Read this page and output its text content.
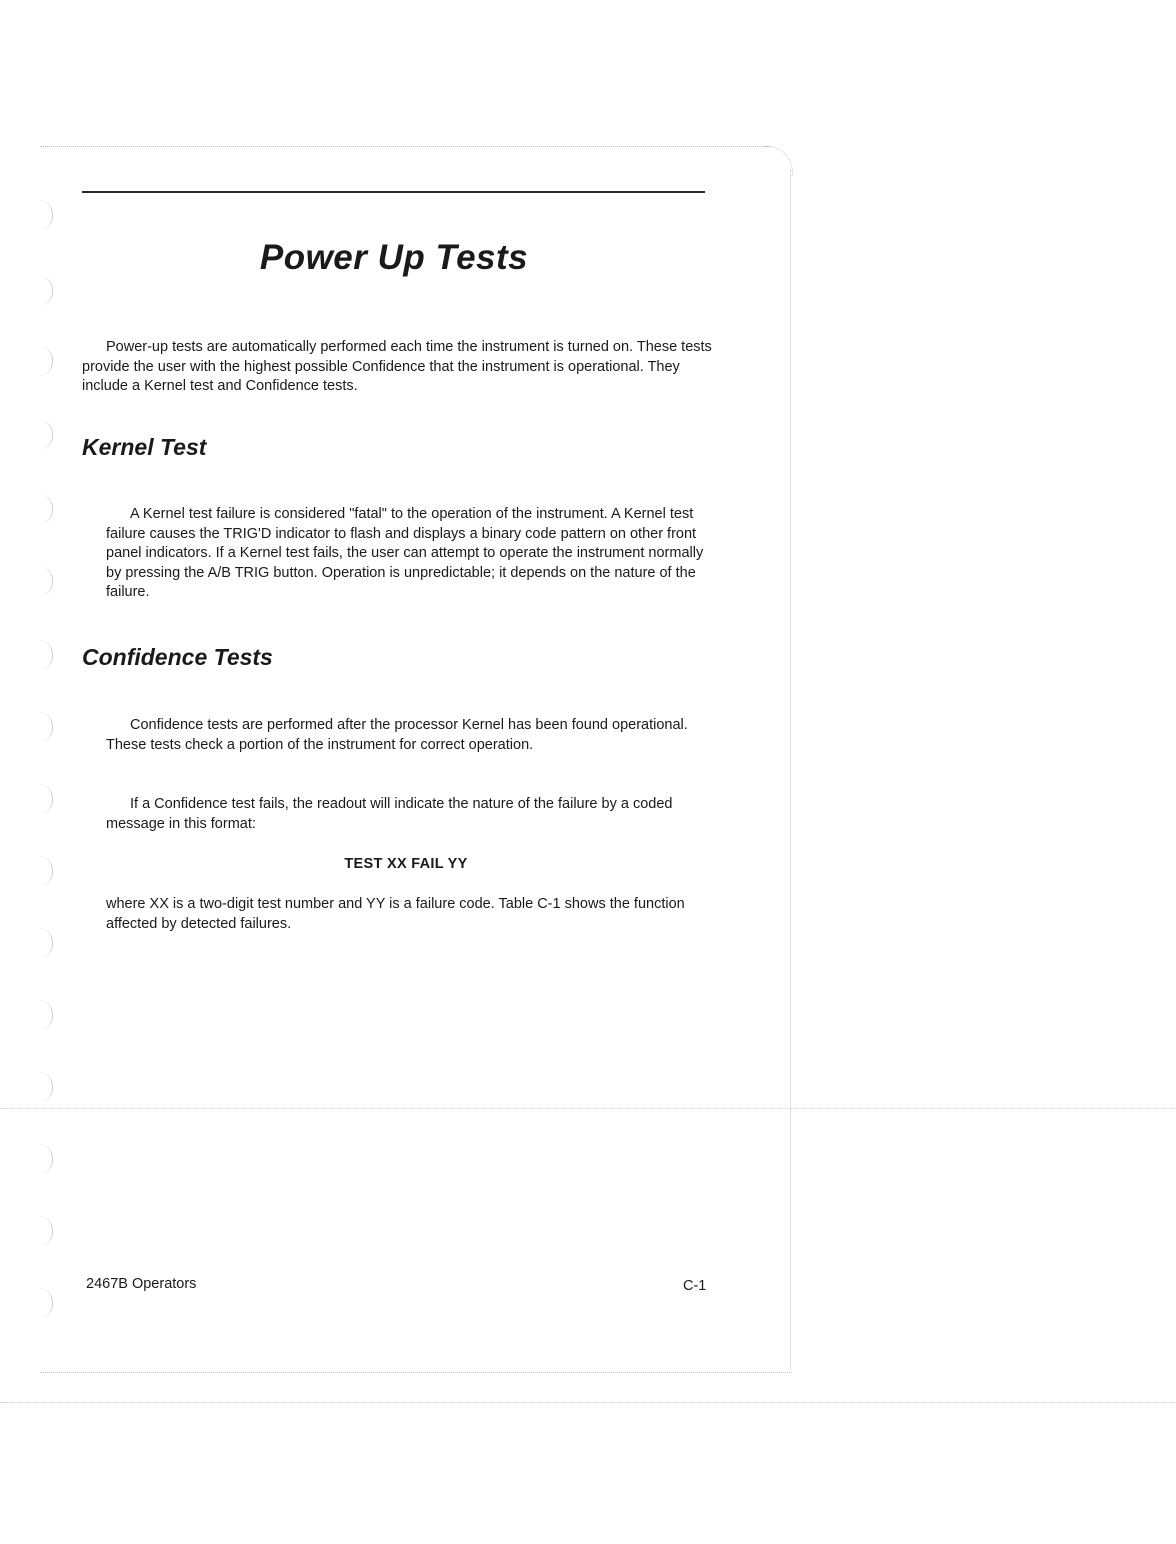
Power Up Tests
Power-up tests are automatically performed each time the instrument is turned on. These tests provide the user with the highest possible Confidence that the instrument is operational. They include a Kernel test and Confidence tests.
Kernel Test
A Kernel test failure is considered "fatal" to the operation of the instrument. A Kernel test failure causes the TRIG'D indicator to flash and displays a binary code pattern on other front panel indicators. If a Kernel test fails, the user can attempt to operate the instrument normally by pressing the A/B TRIG button. Operation is unpredictable; it depends on the nature of the failure.
Confidence Tests
Confidence tests are performed after the processor Kernel has been found operational. These tests check a portion of the instrument for correct operation.
If a Confidence test fails, the readout will indicate the nature of the failure by a coded message in this format:
TEST XX FAIL YY
where XX is a two-digit test number and YY is a failure code. Table C-1 shows the function affected by detected failures.
2467B Operators	C-1
